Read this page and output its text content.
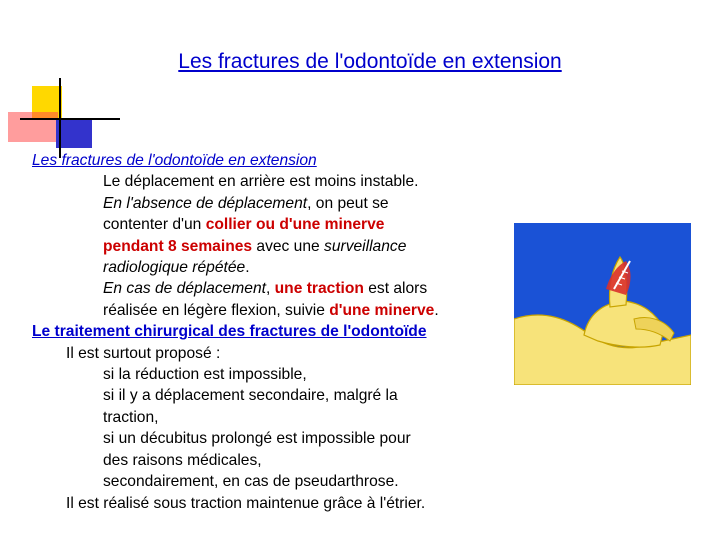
Les fractures de l'odontoïde en extension

Les fractures de l'odontoïde en extension

Le déplacement en arrière est moins instable.

En l'absence de déplacement, on peut se

contenter d'un collier ou d'une minerve

pendant 8 semaines avec une surveillance

radiologique répétée.

En cas de déplacement, une traction est alors

réalisée en légère flexion, suivie d'une minerve.

Le traitement chirurgical des fractures de l'odontoïde

Il est surtout proposé :

si la réduction est impossible,

si il y a déplacement secondaire, malgré la

traction,

si un décubitus prolongé est impossible pour

des raisons médicales,

secondairement, en cas de pseudarthrose.

Il est réalisé sous traction maintenue grâce à l'étrier.
